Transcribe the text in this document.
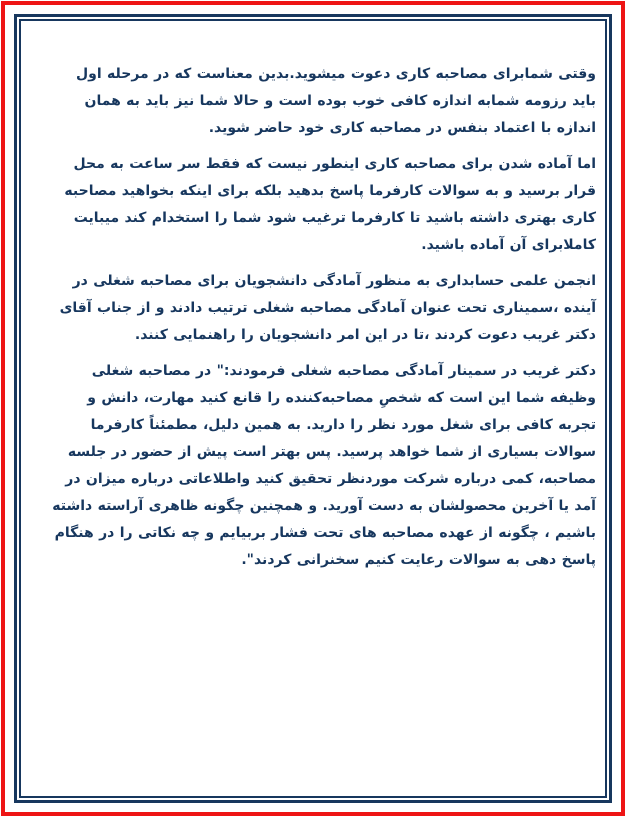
وقتی شمابرای مصاحبه کاری دعوت میشوید.بدین معناست که در مرحله اول باید رزومه شمابه اندازه کافی خوب بوده است و حالا شما نیز باید به همان اندازه با اعتماد بنفس در مصاحبه کاری خود حاضر شوید.

اما آماده شدن برای مصاحبه کاری اینطور نیست که فقط سر ساعت به محل قرار برسید و به سوالات کارفرما پاسخ بدهید بلکه برای اینکه بخواهید مصاحبه کاری بهتری داشته باشید تا کارفرما ترغیب شود شما را استخدام کند میبایت کاملابرای آن آماده باشید.

انجمن علمی حسابداری به منظور آمادگی دانشجویان برای مصاحبه شغلی در آینده ،سمیناری تحت عنوان آمادگی مصاحبه شغلی ترتیب دادند و از جناب آقای دکتر غریب دعوت کردند ،تا در این امر دانشجویان را راهنمایی کنند.

دکتر غریب در سمینار آمادگی مصاحبه شغلی فرمودند:" در مصاحبه شغلی وظیفه شما این است که شخصِ مصاحبه‌کننده را قانع کنید مهارت، دانش و تجربه کافی برای شغل مورد نظر را دارید. به همین دلیل، مطمئناً کارفرما سوالات بسیاری از شما خواهد پرسید. پس بهتر است پیش از حضور در جلسه مصاحبه، کمی درباره شرکت موردنظر تحقیق کنید واطلاعاتی درباره میزان در آمد یا آخرین محصولشان به دست آورید. و همچنین چگونه ظاهری آراسته داشته باشیم ، چگونه از عهده مصاحبه های تحت فشار بربیایم و چه نکاتی را در هنگام پاسخ دهی به سوالات رعایت کنیم سخنرانی کردند".
